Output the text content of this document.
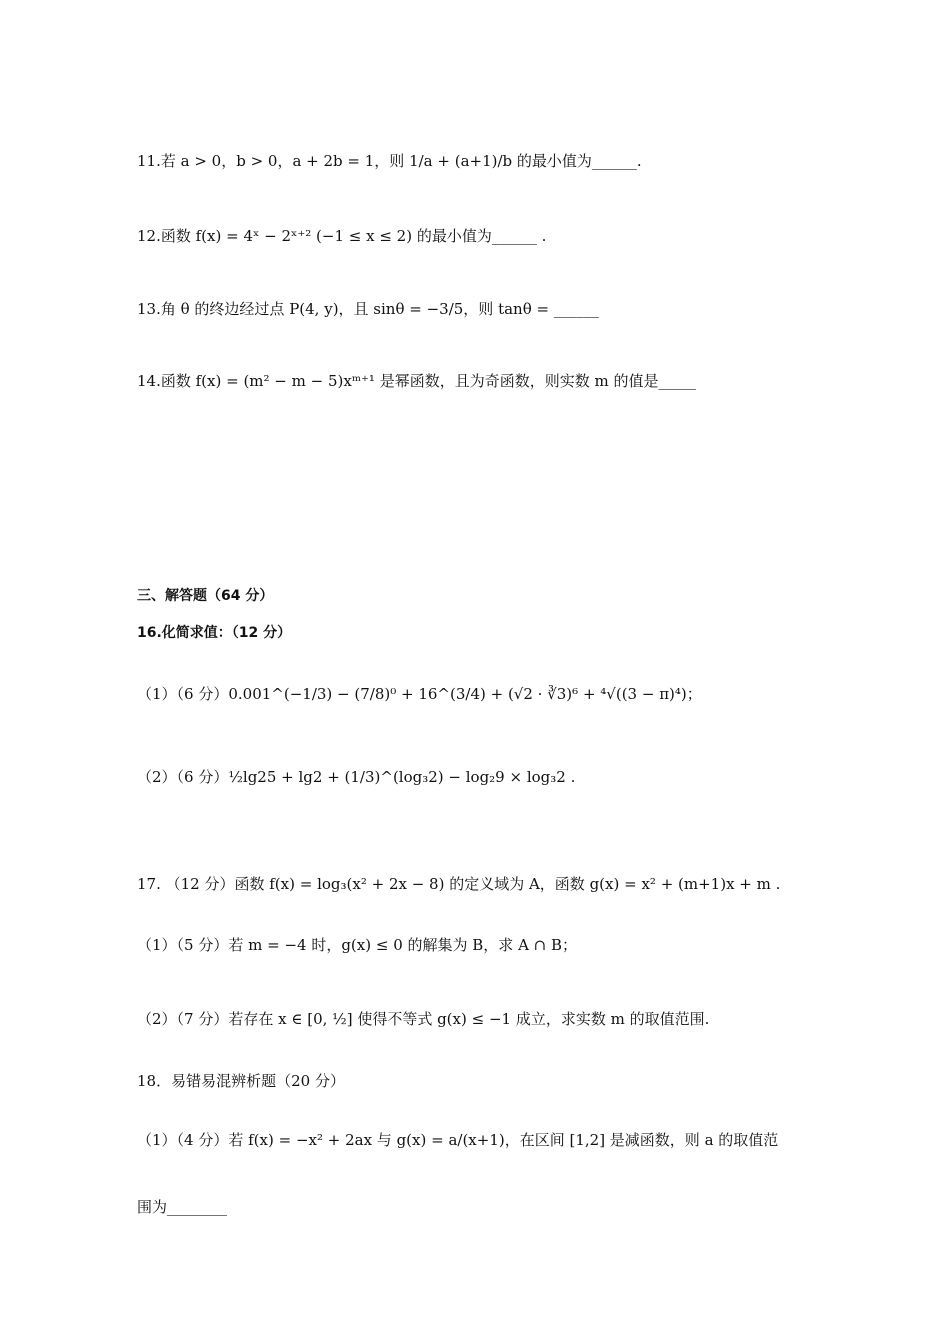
11.若 a > 0，b > 0，a + 2b = 1，则 1/a + (a+1)/b 的最小值为______.
12.函数 f(x) = 4ˣ − 2ˣ⁺² (−1 ≤ x ≤ 2) 的最小值为______ .
13.角 θ 的终边经过点 P(4, y)，且 sinθ = −3/5，则 tanθ = ______
14.函数 f(x) = (m² − m − 5)xᵐ⁺¹ 是幂函数，且为奇函数，则实数 m 的值是_____
三、解答题（64 分）
16.化简求值：（12 分）
（1）（6 分）0.001^(−1/3) − (7/8)⁰ + 16^(3/4) + (√2 · ∛3)⁶ + ⁴√((3 − π)⁴)；
（2）（6 分）½lg25 + lg2 + (1/3)^(log₃2) − log₂9 × log₃2 .
17. （12 分）函数 f(x) = log₃(x² + 2x − 8) 的定义域为 A，函数 g(x) = x² + (m+1)x + m .
（1）（5 分）若 m = −4 时，g(x) ≤ 0 的解集为 B，求 A ∩ B；
（2）（7 分）若存在 x ∈ [0, ½] 使得不等式 g(x) ≤ −1 成立，求实数 m 的取值范围.
18．易错易混辨析题（20 分）
（1）（4 分）若 f(x) = −x² + 2ax 与 g(x) = a/(x+1)，在区间 [1,2] 是减函数，则 a 的取值范
围为________
